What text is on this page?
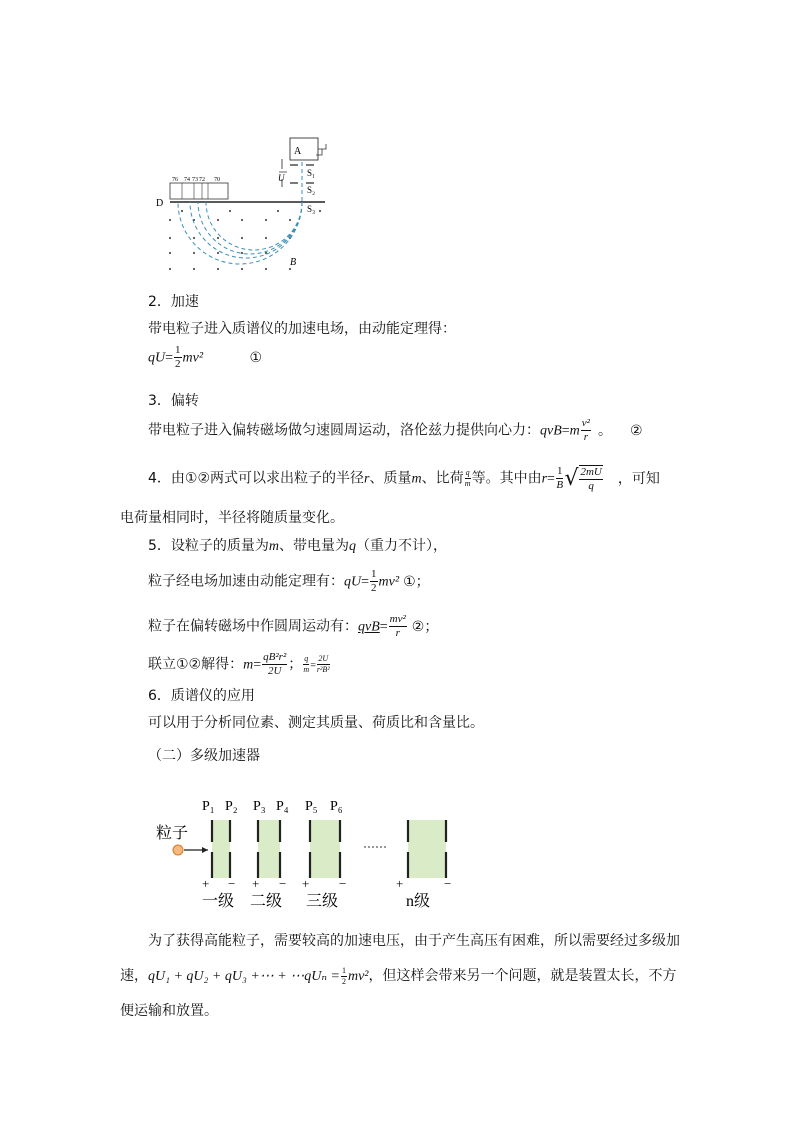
76 74 73 72 70
A
S₁
S₂
S₃
U
D
B
2．加速
带电粒子进入质谱仪的加速电场，由动能定理得：
$qU= \frac{1}{2} mv^2$	①
3．偏转
带电粒子进入偏转磁场做匀速圆周运动，洛伦兹力提供向心力：$qvB=m \frac{\text{v²}}{r}$ 。 ②
4．由①②两式可以求出粒子的半径r、质量m、比荷 $\frac{q}{m}$ 等。其中由$r= \frac{1}{B}$ √ $\frac{2mU}{q}$ ，可知
电荷量相同时，半径将随质量变化。
5．设粒子的质量为m、带电量为q（重力不计），
粒子经电场加速由动能定理有：$qU= \frac{1}{2} mv^2$ ①；
粒子在偏转磁场中作圆周运动有：$qvB= \frac{\text{mv²}}{r}$ ②；
联立①②解得：$m= \frac{\text{qB²r²}}{2U}$ ； $\frac{q}{m} = \frac{2U}{\text{r²B²}}$
6．质谱仪的应用
可以用于分析同位素、测定其质量、荷质比和含量比。
（二）多级加速器
粒子
P₁ P₂ P₃ P₄ P₅ P₆
+ − + − + −	+	−
一级 二级 三级	n级
为了获得高能粒子，需要较高的加速电压，由于产生高压有困难，所以需要经过多级加
速，qU₁ + qU₂ + qU₃ +⋯ + ⋯qUₙ = $\frac{1}{2} mv^2$，但这样会带来另一个问题，就是装置太长，不方
便运输和放置。
